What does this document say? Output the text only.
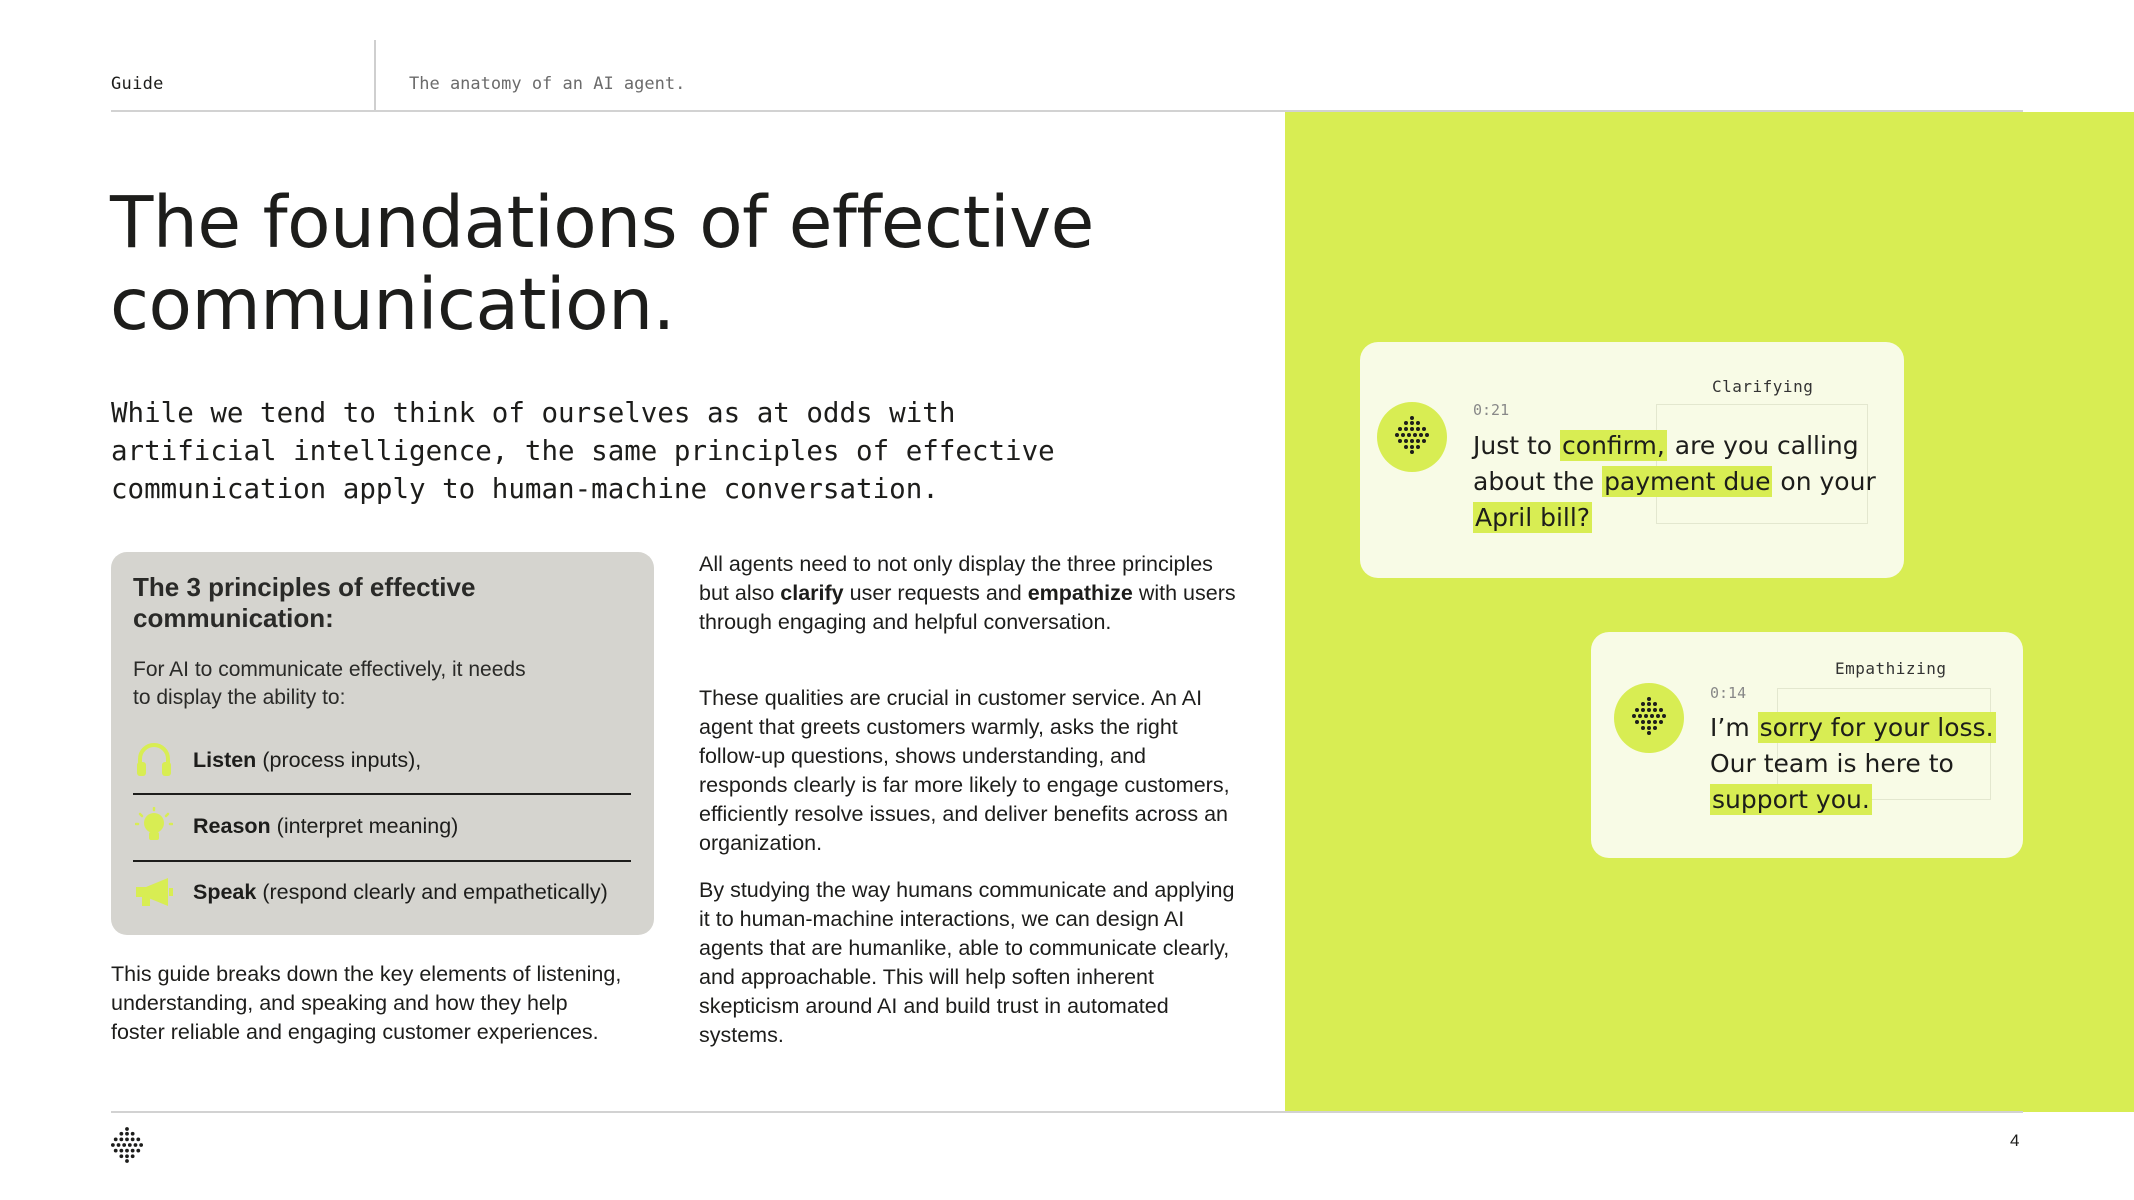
Guide	The anatomy of an AI agent.
The foundations of effective
communication.

While we tend to think of ourselves as at odds with
artificial intelligence, the same principles of effective
communication apply to human-machine conversation.

The 3 principles of effective
communication:

For AI to communicate effectively, it needs
to display the ability to:

Listen (process inputs),
Reason (interpret meaning)
Speak (respond clearly and empathetically)

This guide breaks down the key elements of listening,
understanding, and speaking and how they help
foster reliable and engaging customer experiences.

All agents need to not only display the three principles but also clarify user requests and empathize with users through engaging and helpful conversation.

These qualities are crucial in customer service. An AI agent that greets customers warmly, asks the right follow-up questions, shows understanding, and responds clearly is far more likely to engage customers, efficiently resolve issues, and deliver benefits across an organization.

By studying the way humans communicate and applying it to human-machine interactions, we can design AI agents that are humanlike, able to communicate clearly, and approachable. This will help soften inherent skepticism around AI and build trust in automated systems.

Clarifying
0:21

Just to confirm, are you calling about the payment due on your April bill?

Empathizing
0:14

I’m sorry for your loss. Our team is here to support you.

4
